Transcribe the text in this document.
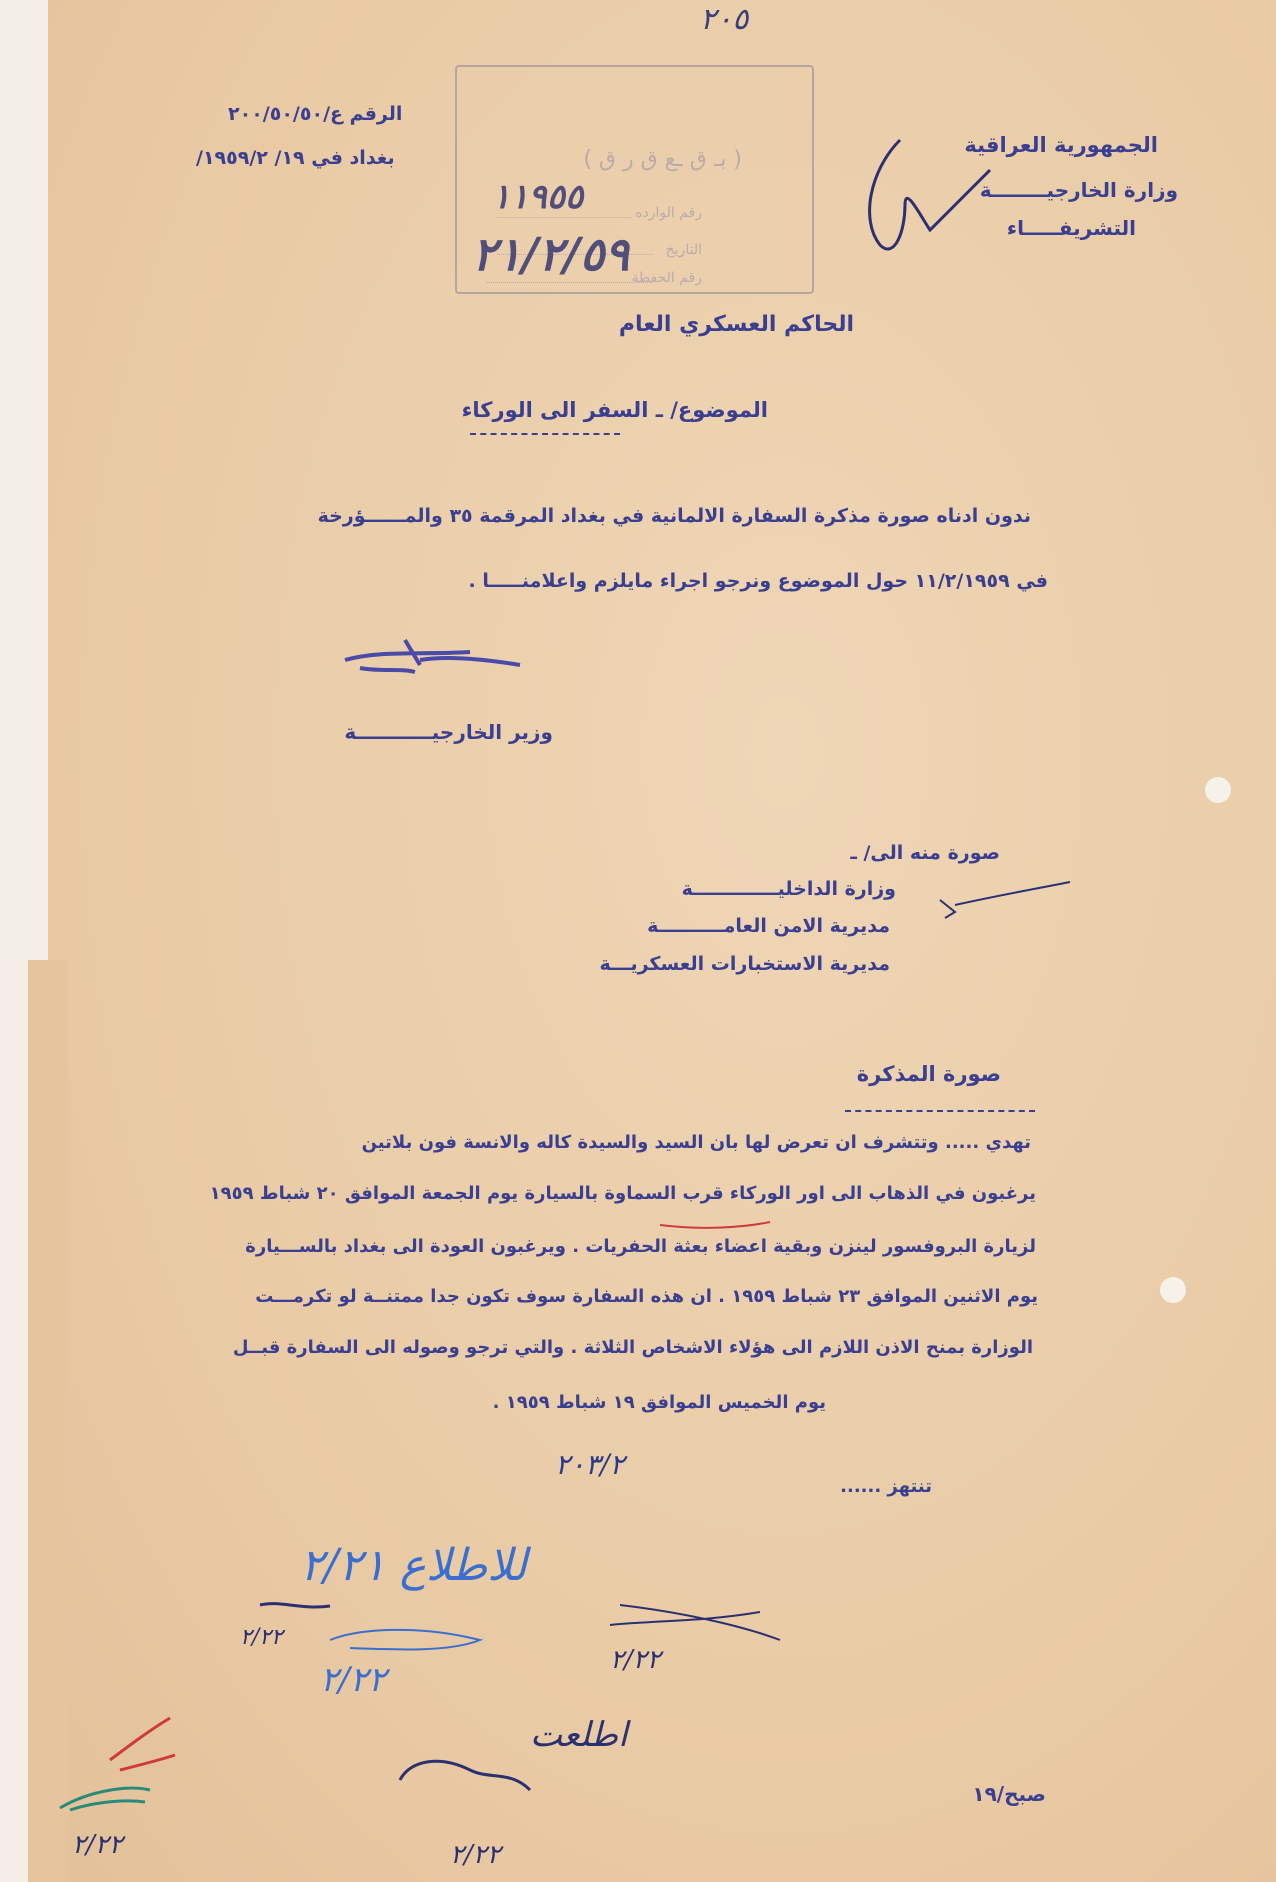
٢٠٥
الجمهورية العراقية
وزارة الخارجيــــــــة
التشريفـــــاء
الرقم ع/٢٠٠/٥٠/٥٠
بغداد في ١٩/ ١٩٥٩/٢/	( بـ ق ـع ق ر ق )
رقم الوارده
التاريخ
رقم الحفظة
١١٩٥٥
٢١/٢/٥٩
الحاكم العسكري العام
الموضوع/ ـ السفر الى الوركاء
ندون ادناه صورة مذكرة السفارة الالمانية في بغداد المرقمة ٣٥ والمــــــؤرخة
في ١١/٢/١٩٥٩ حول الموضوع ونرجو اجراء مايلزم واعلامنـــــا .
وزير الخارجيـــــــــــة
صورة منه الى/ ـ
وزارة الداخليـــــــــــــة
مديرية الامن العامــــــــــة
مديرية الاستخبارات العسكريـــة
صورة المذكرة
تهدي ..... وتتشرف ان تعرض لها بان السيد والسيدة كاله والانسة فون بلاتين
يرغبون في الذهاب الى اور الوركاء قرب السماوة بالسيارة يوم الجمعة الموافق ٢٠ شباط ١٩٥٩
لزيارة البروفسور لينزن وبقية اعضاء بعثة الحفريات . ويرغبون العودة الى بغداد بالســـيارة
يوم الاثنين الموافق ٢٣ شباط ١٩٥٩ . ان هذه السفارة سوف تكون جدا ممتنــة لو تكرمـــت
الوزارة بمنح الاذن اللازم الى هؤلاء الاشخاص الثلاثة . والتي ترجو وصوله الى السفارة قبــل
يوم الخميس الموافق ١٩ شباط ١٩٥٩ .
تنتهز ......
٢٠٣/٢
للاطلاع ٢/٢١
٢/٢٢
٢/٢٢	٢/٢٢
اطلعت
٢/٢٢
٢/٢٢
صبح/١٩
